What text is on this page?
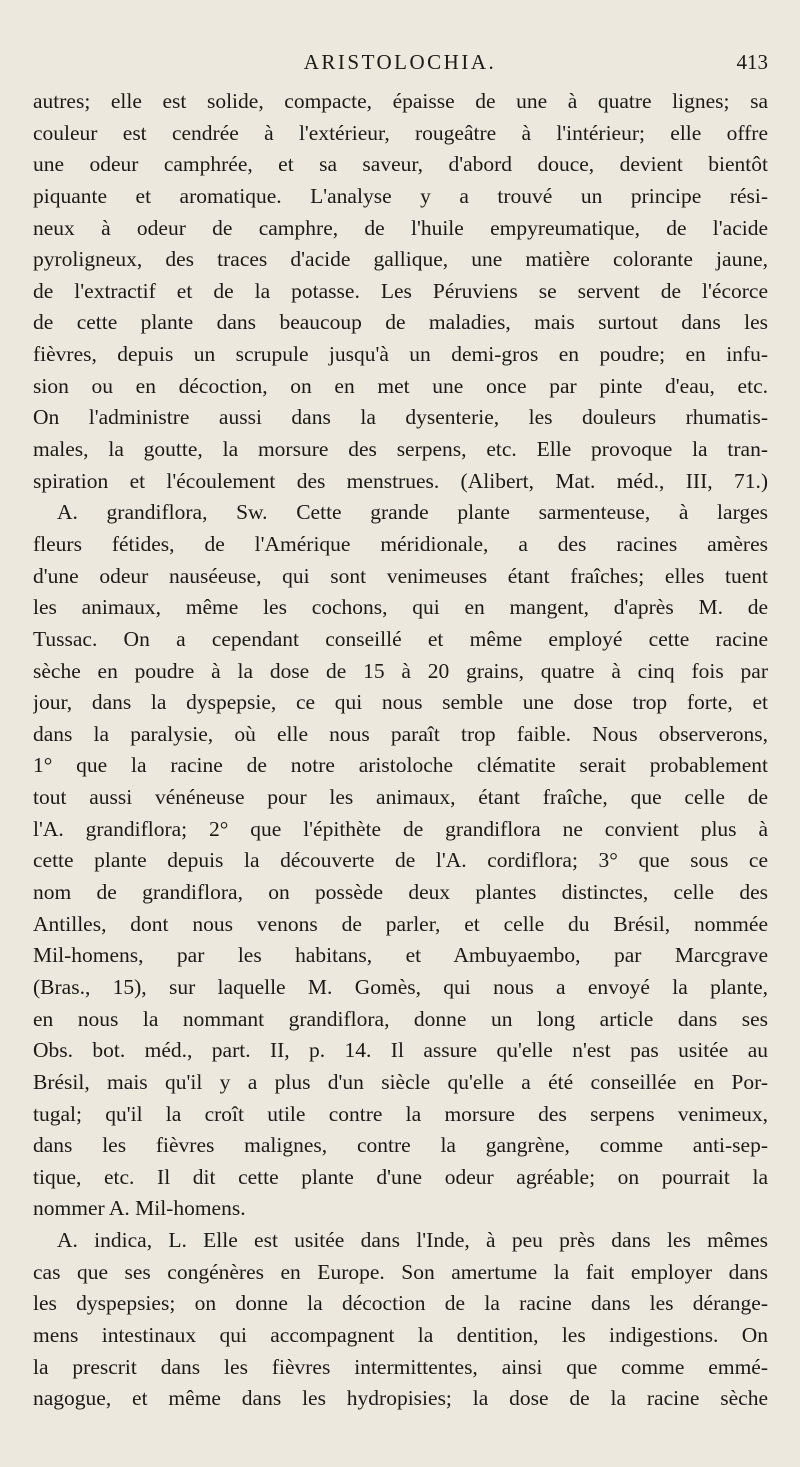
ARISTOLOCHIA.	413
autres; elle est solide, compacte, épaisse de une à quatre lignes; sa
couleur est cendrée à l'extérieur, rougeâtre à l'intérieur; elle offre
une odeur camphrée, et sa saveur, d'abord douce, devient bientôt
piquante et aromatique. L'analyse y a trouvé un principe rési-
neux à odeur de camphre, de l'huile empyreumatique, de l'acide
pyroligneux, des traces d'acide gallique, une matière colorante jaune,
de l'extractif et de la potasse. Les Péruviens se servent de l'écorce
de cette plante dans beaucoup de maladies, mais surtout dans les
fièvres, depuis un scrupule jusqu'à un demi-gros en poudre; en infu-
sion ou en décoction, on en met une once par pinte d'eau, etc.
On l'administre aussi dans la dysenterie, les douleurs rhumatis-
males, la goutte, la morsure des serpens, etc. Elle provoque la tran-
spiration et l'écoulement des menstrues. (Alibert, Mat. méd., III, 71.)
A. grandiflora, Sw. Cette grande plante sarmenteuse, à larges
fleurs fétides, de l'Amérique méridionale, a des racines amères
d'une odeur nauséeuse, qui sont venimeuses étant fraîches; elles tuent
les animaux, même les cochons, qui en mangent, d'après M. de
Tussac. On a cependant conseillé et même employé cette racine
sèche en poudre à la dose de 15 à 20 grains, quatre à cinq fois par
jour, dans la dyspepsie, ce qui nous semble une dose trop forte, et
dans la paralysie, où elle nous paraît trop faible. Nous observerons,
1° que la racine de notre aristoloche clématite serait probablement
tout aussi vénéneuse pour les animaux, étant fraîche, que celle de
l'A. grandiflora; 2° que l'épithète de grandiflora ne convient plus à
cette plante depuis la découverte de l'A. cordiflora; 3° que sous ce
nom de grandiflora, on possède deux plantes distinctes, celle des
Antilles, dont nous venons de parler, et celle du Brésil, nommée
Mil-homens, par les habitans, et Ambuyaembo, par Marcgrave
(Bras., 15), sur laquelle M. Gomès, qui nous a envoyé la plante,
en nous la nommant grandiflora, donne un long article dans ses
Obs. bot. méd., part. II, p. 14. Il assure qu'elle n'est pas usitée au
Brésil, mais qu'il y a plus d'un siècle qu'elle a été conseillée en Por-
tugal; qu'il la croît utile contre la morsure des serpens venimeux,
dans les fièvres malignes, contre la gangrène, comme anti-sep-
tique, etc. Il dit cette plante d'une odeur agréable; on pourrait la
nommer A. Mil-homens.
A. indica, L. Elle est usitée dans l'Inde, à peu près dans les mêmes
cas que ses congénères en Europe. Son amertume la fait employer dans
les dyspepsies; on donne la décoction de la racine dans les dérange-
mens intestinaux qui accompagnent la dentition, les indigestions. On
la prescrit dans les fièvres intermittentes, ainsi que comme emmé-
nagogue, et même dans les hydropisies; la dose de la racine sèche
